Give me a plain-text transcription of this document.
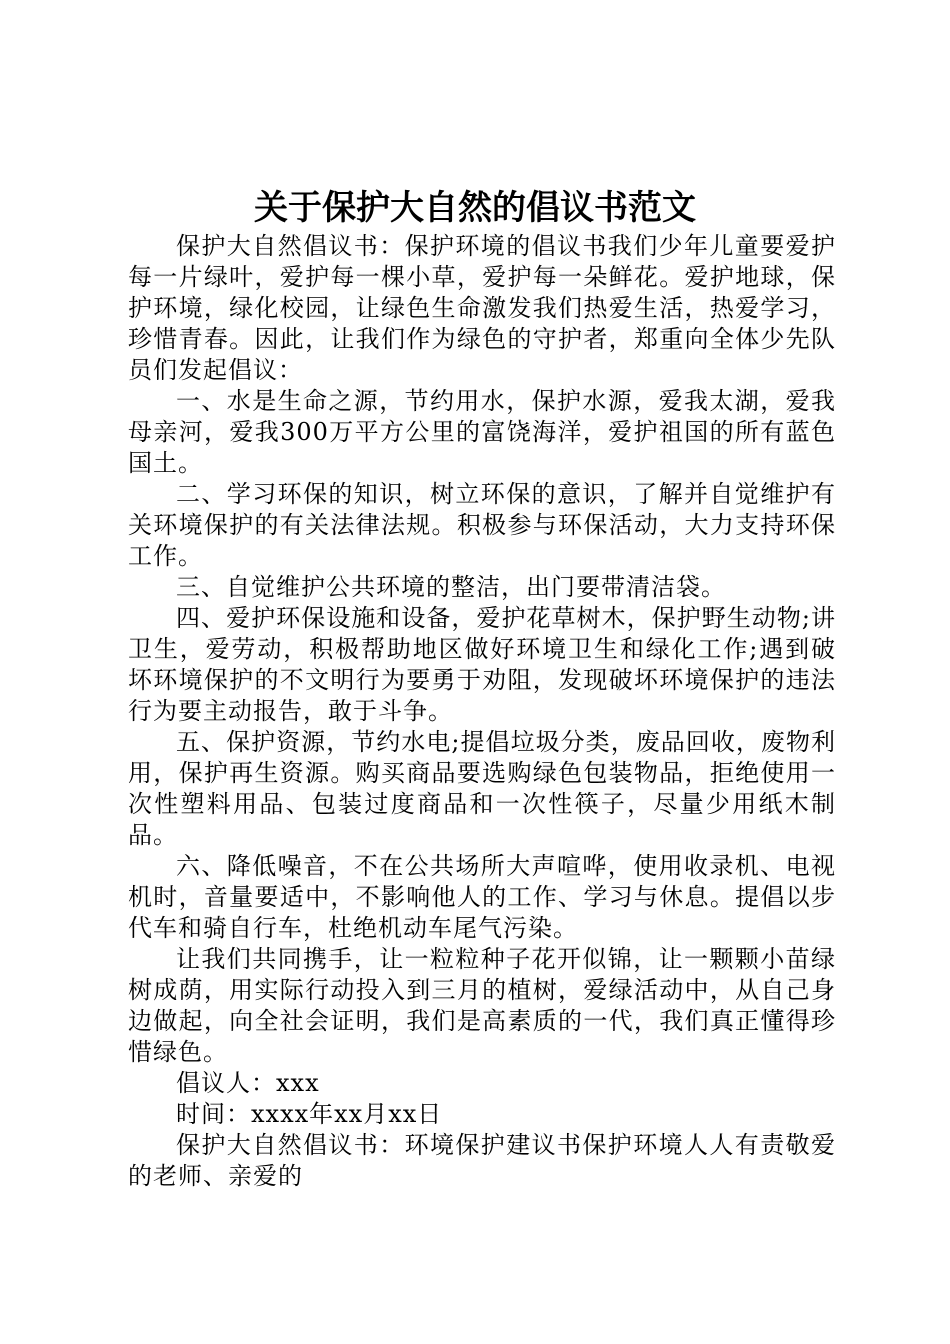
关于保护大自然的倡议书范文

保护大自然倡议书：保护环境的倡议书我们少年儿童要爱护每一片绿叶，爱护每一棵小草，爱护每一朵鲜花。爱护地球，保护环境，绿化校园，让绿色生命激发我们热爱生活，热爱学习，珍惜青春。因此，让我们作为绿色的守护者，郑重向全体少先队员们发起倡议：

一、水是生命之源，节约用水，保护水源，爱我太湖，爱我母亲河，爱我300万平方公里的富饶海洋，爱护祖国的所有蓝色国土。

二、学习环保的知识，树立环保的意识，了解并自觉维护有关环境保护的有关法律法规。积极参与环保活动，大力支持环保工作。

三、自觉维护公共环境的整洁，出门要带清洁袋。

四、爱护环保设施和设备，爱护花草树木，保护野生动物;讲卫生，爱劳动，积极帮助地区做好环境卫生和绿化工作;遇到破坏环境保护的不文明行为要勇于劝阻，发现破坏环境保护的违法行为要主动报告，敢于斗争。

五、保护资源，节约水电;提倡垃圾分类，废品回收，废物利用，保护再生资源。购买商品要选购绿色包装物品，拒绝使用一次性塑料用品、包装过度商品和一次性筷子，尽量少用纸木制品。

六、降低噪音，不在公共场所大声喧哗，使用收录机、电视机时，音量要适中，不影响他人的工作、学习与休息。提倡以步代车和骑自行车，杜绝机动车尾气污染。

让我们共同携手，让一粒粒种子花开似锦，让一颗颗小苗绿树成荫，用实际行动投入到三月的植树，爱绿活动中，从自己身边做起，向全社会证明，我们是高素质的一代，我们真正懂得珍惜绿色。

倡议人：xxx

时间：xxxx年xx月xx日

保护大自然倡议书：环境保护建议书保护环境人人有责敬爱的老师、亲爱的
